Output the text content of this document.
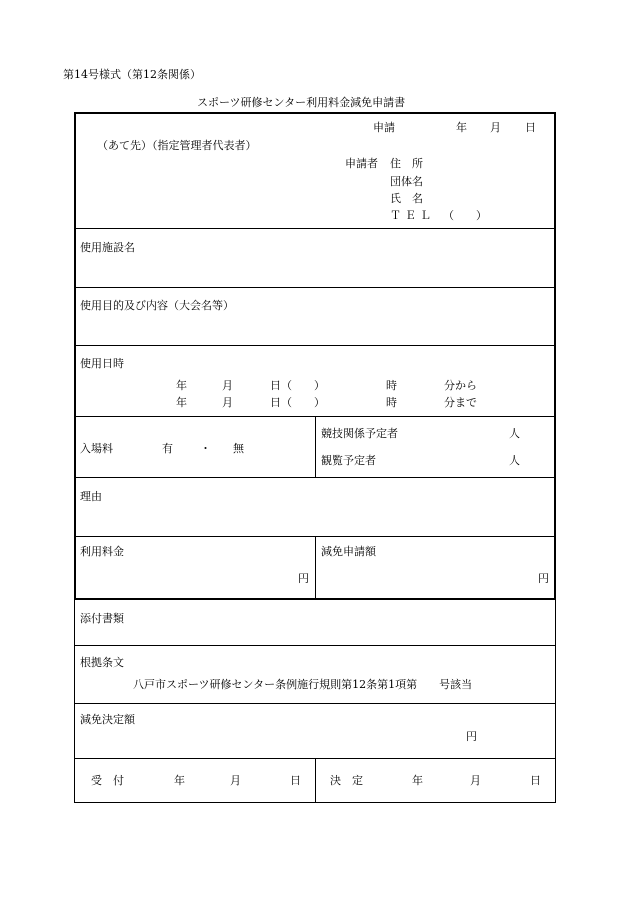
第14号様式（第12条関係）
スポーツ研修センター利用料金減免申請書
申請	年 月 日
（あて先）（指定管理者代表者）
申請者 住　所
団体名
氏　名
ＴＥＬ （　　）
使用施設名
使用目的及び内容（大会名等）
使用日時
年	月	日（　　）	時	分から
年	月	日（　　）	時	分まで
入場料	有 ・ 無
競技関係予定者	人
観覧予定者	人
理由
利用料金
円
減免申請額
円
添付書類
根拠条文
八戸市スポーツ研修センター条例施行規則第12条第1項第　　号該当
減免決定額
円
受　付	年	月	日	決　定	年	月	日
